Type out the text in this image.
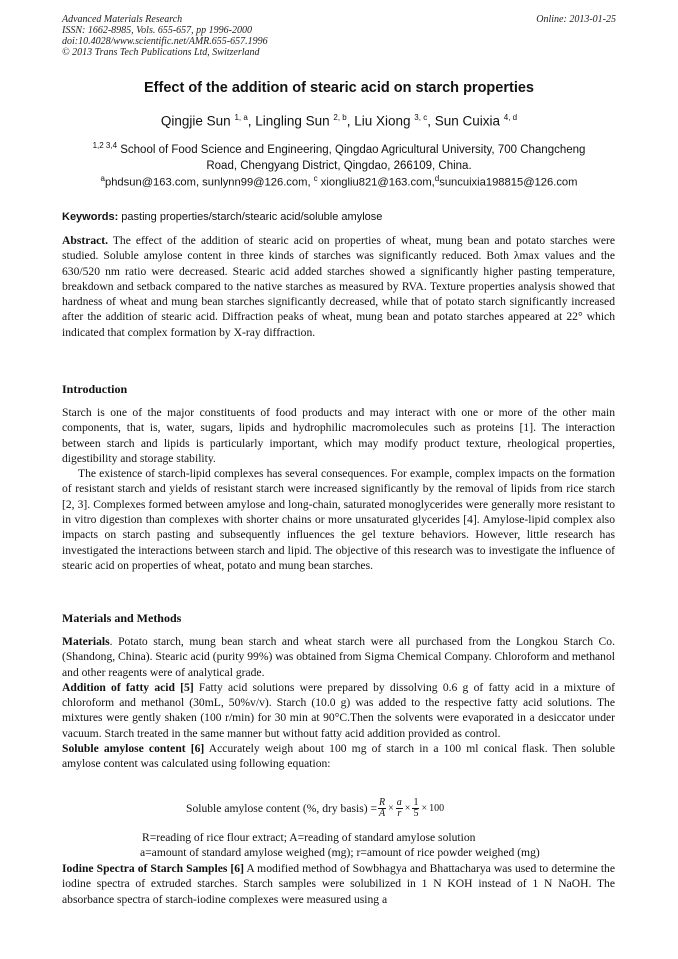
Advanced Materials Research
ISSN: 1662-8985, Vols. 655-657, pp 1996-2000
doi:10.4028/www.scientific.net/AMR.655-657.1996
© 2013 Trans Tech Publications Ltd, Switzerland
Online: 2013-01-25
Effect of the addition of stearic acid on starch properties
Qingjie Sun $^{1, a}$, Lingling Sun $^{2, b}$, Liu Xiong $^{3, c}$, Sun Cuixia $^{4, d}$
$^{1,2 3,4}$ School of Food Science and Engineering, Qingdao Agricultural University, 700 Changcheng
Road, Chengyang District, Qingdao, 266109, China.
$^a$phdsun@163.com, sunlynn99@126.com, $^c$ xiongliu821@163.com,$^d$suncuixia198815@126.com
Keywords: pasting properties/starch/stearic acid/soluble amylose

Abstract. The effect of the addition of stearic acid on properties of wheat, mung bean and potato starches were studied. Soluble amylose content in three kinds of starches was significantly reduced. Both λmax values and the 630/520 nm ratio were decreased. Stearic acid added starches showed a significantly higher pasting temperature, breakdown and setback compared to the native starches as measured by RVA. Texture properties analysis showed that hardness of wheat and mung bean starches significantly decreased, while that of potato starch significantly increased after the addition of stearic acid. Diffraction peaks of wheat, mung bean and potato starches appeared at 22° which indicated that complex formation by X-ray diffraction.

Introduction

Starch is one of the major constituents of food products and may interact with one or more of the other main components, that is, water, sugars, lipids and hydrophilic macromolecules such as proteins [1]. The interaction between starch and lipids is particularly important, which may modify product texture, rheological properties, digestibility and storage stability.

The existence of starch-lipid complexes has several consequences. For example, complex impacts on the formation of resistant starch and yields of resistant starch were increased significantly by the removal of lipids from rice starch [2, 3]. Complexes formed between amylose and long-chain, saturated monoglycerides were generally more resistant to in vitro digestion than complexes with shorter chains or more unsaturated glycerides [4]. Amylose-lipid complex also impacts on starch pasting and subsequently influences the gel texture behaviors. However, little research has investigated the interactions between starch and lipid. The objective of this research was to investigate the influence of stearic acid on properties of wheat, potato and mung bean starches.

Materials and Methods

Materials. Potato starch, mung bean starch and wheat starch were all purchased from the Longkou Starch Co. (Shandong, China). Stearic acid (purity 99%) was obtained from Sigma Chemical Company. Chloroform and methanol and other reagents were of analytical grade.

Addition of fatty acid [5] Fatty acid solutions were prepared by dissolving 0.6 g of fatty acid in a mixture of chloroform and methanol (30mL, 50%v/v). Starch (10.0 g) was added to the respective fatty acid solutions. The mixtures were gently shaken (100 r/min) for 30 min at 90°C.Then the solvents were evaporated in a desiccator under vacuum. Starch treated in the same manner but without fatty acid addition provided as control.

Soluble amylose content [6] Accurately weigh about 100 mg of starch in a 100 ml conical flask. Then soluble amylose content was calculated using following equation:

Soluble amylose content (%, dry basis) = $\frac{R}{A} \times \frac{a}{r} \times \frac{1}{5} \times 100$
R=reading of rice flour extract; A=reading of standard amylose solution
a=amount of standard amylose weighed (mg); r=amount of rice powder weighed (mg)

Iodine Spectra of Starch Samples [6] A modified method of Sowbhagya and Bhattacharya was used to determine the iodine spectra of extruded starches. Starch samples were solubilized in 1 N KOH instead of 1 N NaOH. The absorbance spectra of starch-iodine complexes were measured using a
